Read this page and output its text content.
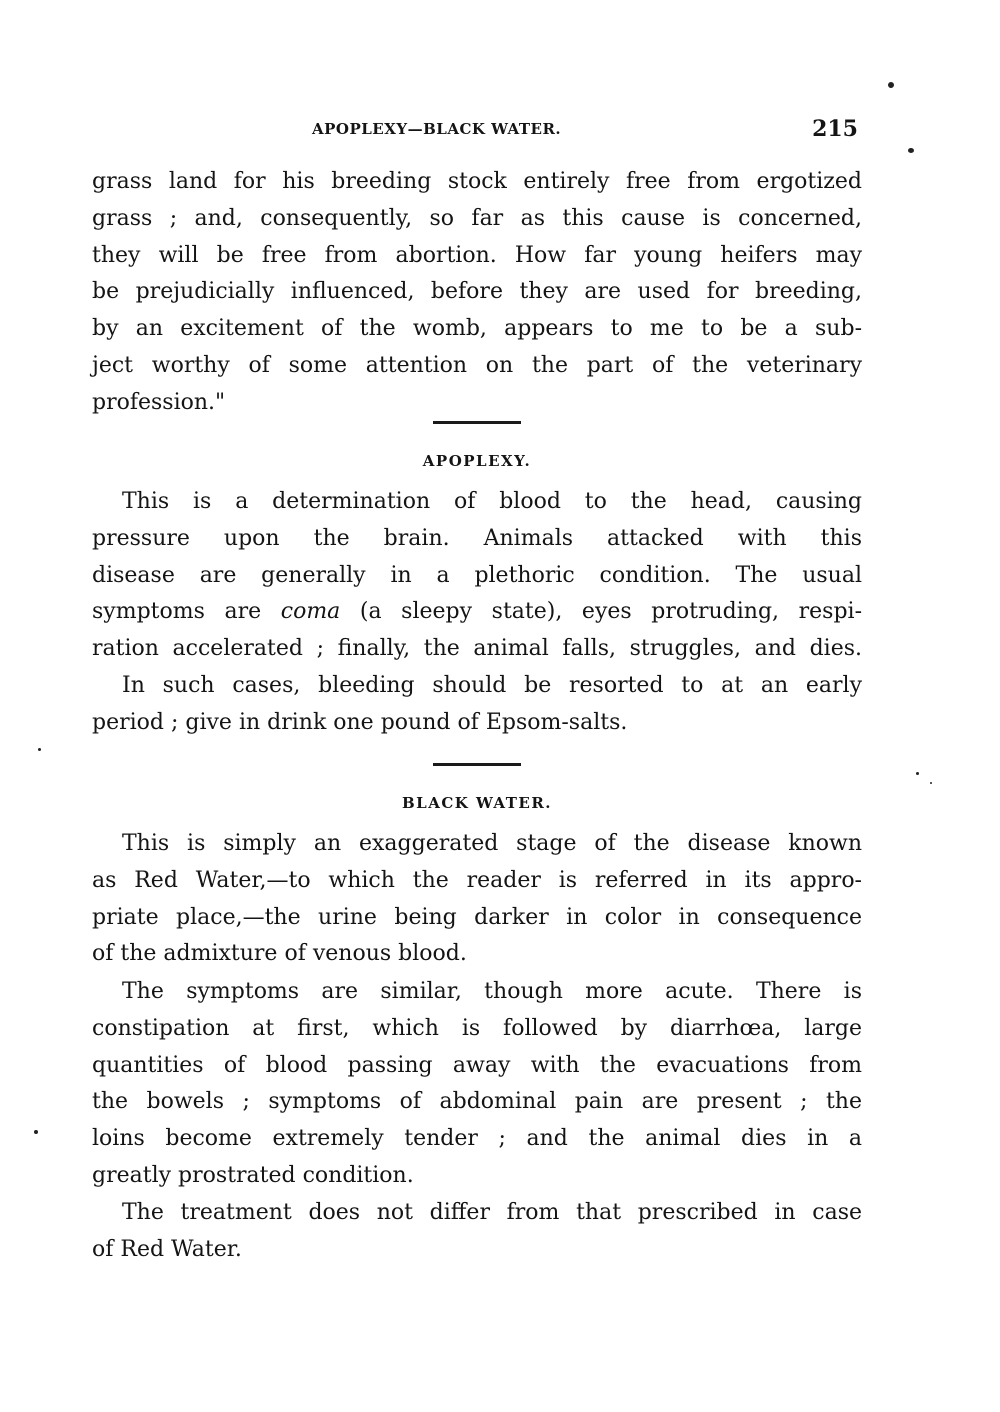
APOPLEXY—BLACK WATER.	215
grass land for his breeding stock entirely free from ergotized
grass ; and, consequently, so far as this cause is concerned,
they will be free from abortion. How far young heifers may
be prejudicially influenced, before they are used for breeding,
by an excitement of the womb, appears to me to be a sub-
ject worthy of some attention on the part of the veterinary
profession."
APOPLEXY.
This is a determination of blood to the head, causing
pressure upon the brain. Animals attacked with this
disease are generally in a plethoric condition. The usual
symptoms are coma (a sleepy state), eyes protruding, respi-
ration accelerated ; finally, the animal falls, struggles, and dies.
In such cases, bleeding should be resorted to at an early
period ; give in drink one pound of Epsom-salts.
BLACK WATER.
This is simply an exaggerated stage of the disease known
as Red Water,—to which the reader is referred in its appro-
priate place,—the urine being darker in color in consequence
of the admixture of venous blood.
The symptoms are similar, though more acute. There is
constipation at first, which is followed by diarrhœa, large
quantities of blood passing away with the evacuations from
the bowels ; symptoms of abdominal pain are present ; the
loins become extremely tender ; and the animal dies in a
greatly prostrated condition.
The treatment does not differ from that prescribed in case
of Red Water.
